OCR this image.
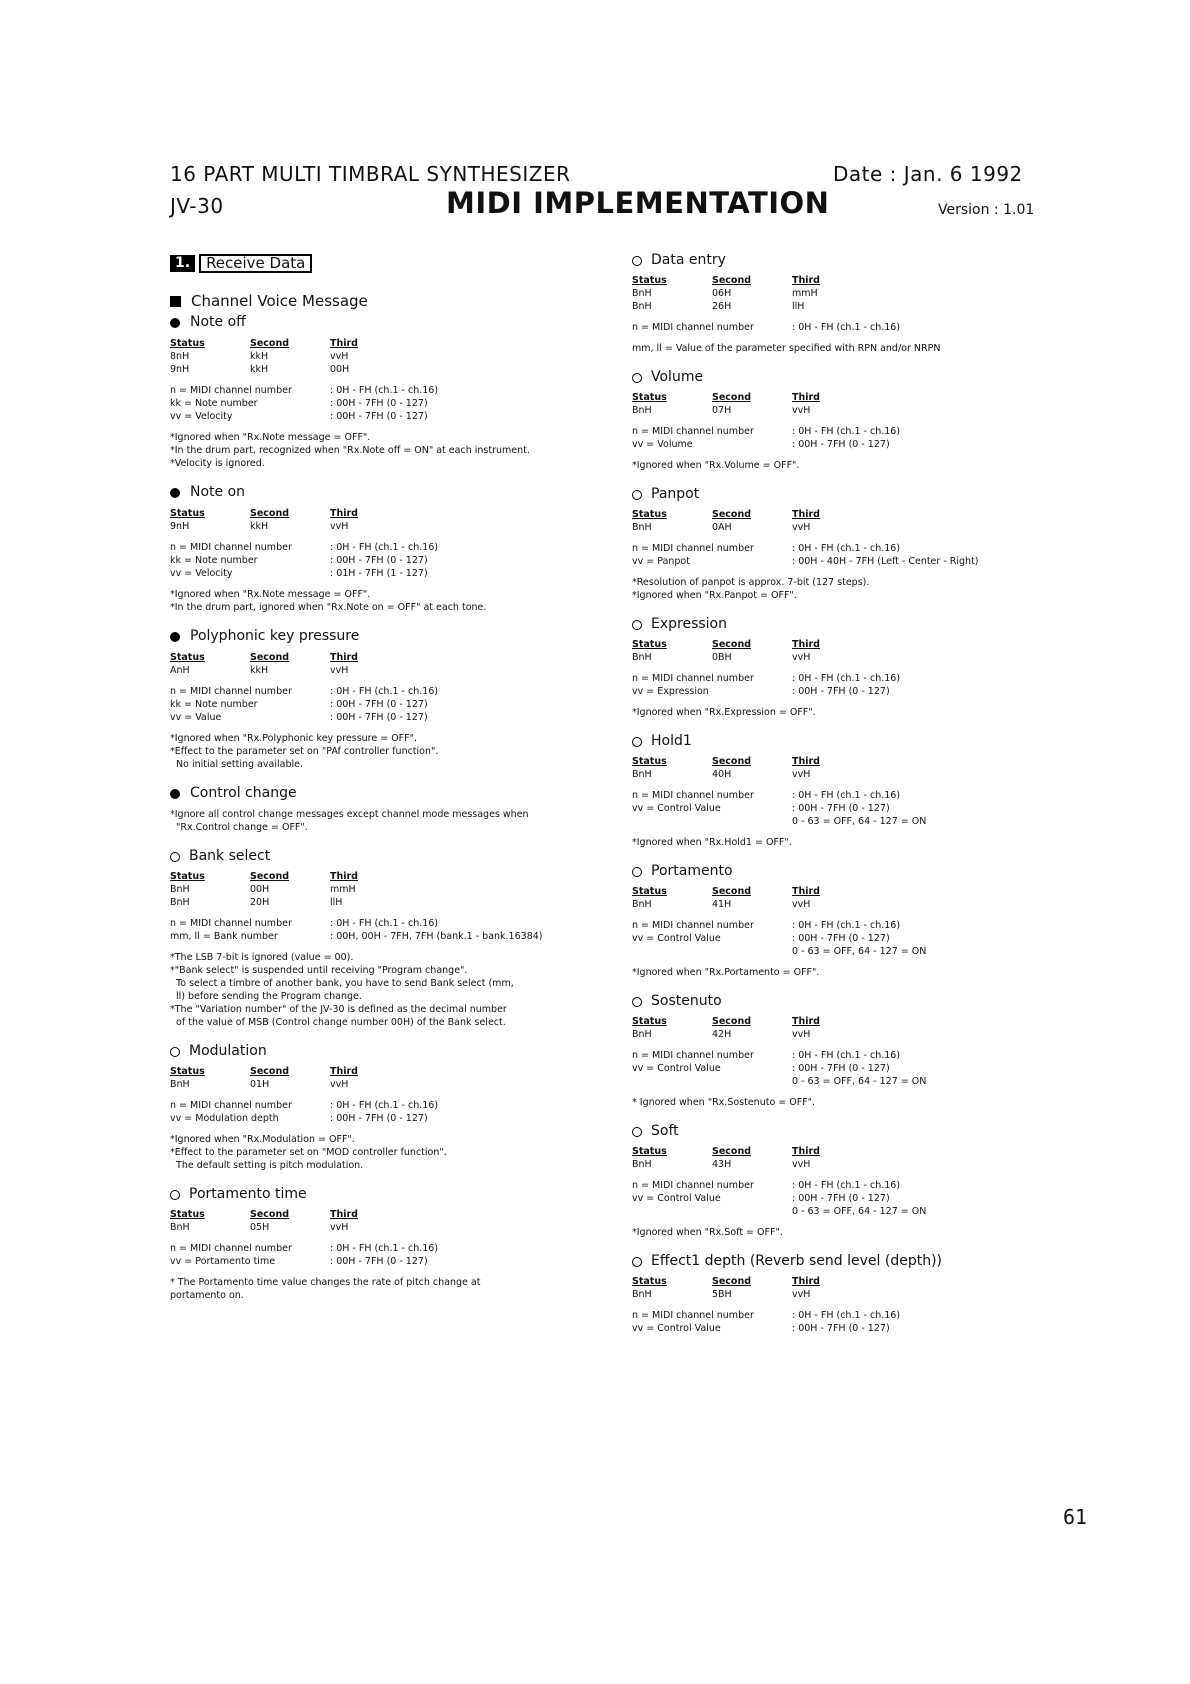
16 PART MULTI TIMBRAL SYNTHESIZER
JV-30	MIDI IMPLEMENTATION
Date : Jan. 6 1992
Version : 1.01
1.	Receive Data
Channel Voice Message
Note off
Status	Second	Third
8nH	kkH	vvH
9nH	kkH	00H
n = MIDI channel number	: 0H - FH (ch.1 - ch.16)
kk = Note number	: 00H - 7FH (0 - 127)
vv = Velocity	: 00H - 7FH (0 - 127)
*Ignored when "Rx.Note message = OFF".
*In the drum part, recognized when "Rx.Note off = ON" at each instrument.
*Velocity is ignored.
Note on
Status	Second	Third
9nH	kkH	vvH
n = MIDI channel number	: 0H - FH (ch.1 - ch.16)
kk = Note number	: 00H - 7FH (0 - 127)
vv = Velocity	: 01H - 7FH (1 - 127)
*Ignored when "Rx.Note message = OFF".
*In the drum part, ignored when "Rx.Note on = OFF" at each tone.
Polyphonic key pressure
Status	Second	Third
AnH	kkH	vvH
n = MIDI channel number	: 0H - FH (ch.1 - ch.16)
kk = Note number	: 00H - 7FH (0 - 127)
vv = Value	: 00H - 7FH (0 - 127)
*Ignored when "Rx.Polyphonic key pressure = OFF".
*Effect to the parameter set on "PAf controller function".
No initial setting available.
Control change
*Ignore all control change messages except channel mode messages when
"Rx.Control change = OFF".
Bank select
Status	Second	Third
BnH	00H	mmH
BnH	20H	llH
n = MIDI channel number	: 0H - FH (ch.1 - ch.16)
mm, ll = Bank number	: 00H, 00H - 7FH, 7FH (bank.1 - bank.16384)
*The LSB 7-bit is ignored (value = 00).
*"Bank select" is suspended until receiving "Program change".
To select a timbre of another bank, you have to send Bank select (mm,
ll) before sending the Program change.
*The "Variation number" of the JV-30 is defined as the decimal number
of the value of MSB (Control change number 00H) of the Bank select.
Modulation
Status	Second	Third
BnH	01H	vvH
n = MIDI channel number	: 0H - FH (ch.1 - ch.16)
vv = Modulation depth	: 00H - 7FH (0 - 127)
*Ignored when "Rx.Modulation = OFF".
*Effect to the parameter set on "MOD controller function".
The default setting is pitch modulation.
Portamento time
Status	Second	Third
BnH	05H	vvH
n = MIDI channel number	: 0H - FH (ch.1 - ch.16)
vv = Portamento time	: 00H - 7FH (0 - 127)
* The Portamento time value changes the rate of pitch change at
portamento on.
Data entry
Status	Second	Third
BnH	06H	mmH
BnH	26H	llH
n = MIDI channel number	: 0H - FH (ch.1 - ch.16)
mm, ll = Value of the parameter specified with RPN and/or NRPN
Volume
Status	Second	Third
BnH	07H	vvH
n = MIDI channel number	: 0H - FH (ch.1 - ch.16)
vv = Volume	: 00H - 7FH (0 - 127)
*Ignored when "Rx.Volume = OFF".
Panpot
Status	Second	Third
BnH	0AH	vvH
n = MIDI channel number	: 0H - FH (ch.1 - ch.16)
vv = Panpot	: 00H - 40H - 7FH (Left - Center - Right)
*Resolution of panpot is approx. 7-bit (127 steps).
*Ignored when "Rx.Panpot = OFF".
Expression
Status	Second	Third
BnH	0BH	vvH
n = MIDI channel number	: 0H - FH (ch.1 - ch.16)
vv = Expression	: 00H - 7FH (0 - 127)
*Ignored when "Rx.Expression = OFF".
Hold1
Status	Second	Third
BnH	40H	vvH
n = MIDI channel number	: 0H - FH (ch.1 - ch.16)
vv = Control Value	: 00H - 7FH (0 - 127)
0 - 63 = OFF, 64 - 127 = ON
*Ignored when "Rx.Hold1 = OFF".
Portamento
Status	Second	Third
BnH	41H	vvH
n = MIDI channel number	: 0H - FH (ch.1 - ch.16)
vv = Control Value	: 00H - 7FH (0 - 127)
0 - 63 = OFF, 64 - 127 = ON
*Ignored when "Rx.Portamento = OFF".
Sostenuto
Status	Second	Third
BnH	42H	vvH
n = MIDI channel number	: 0H - FH (ch.1 - ch.16)
vv = Control Value	: 00H - 7FH (0 - 127)
0 - 63 = OFF, 64 - 127 = ON
* Ignored when "Rx.Sostenuto = OFF".
Soft
Status	Second	Third
BnH	43H	vvH
n = MIDI channel number	: 0H - FH (ch.1 - ch.16)
vv = Control Value	: 00H - 7FH (0 - 127)
0 - 63 = OFF, 64 - 127 = ON
*Ignored when "Rx.Soft = OFF".
Effect1 depth (Reverb send level (depth))
Status	Second	Third
BnH	5BH	vvH
n = MIDI channel number	: 0H - FH (ch.1 - ch.16)
vv = Control Value	: 00H - 7FH (0 - 127)
61
